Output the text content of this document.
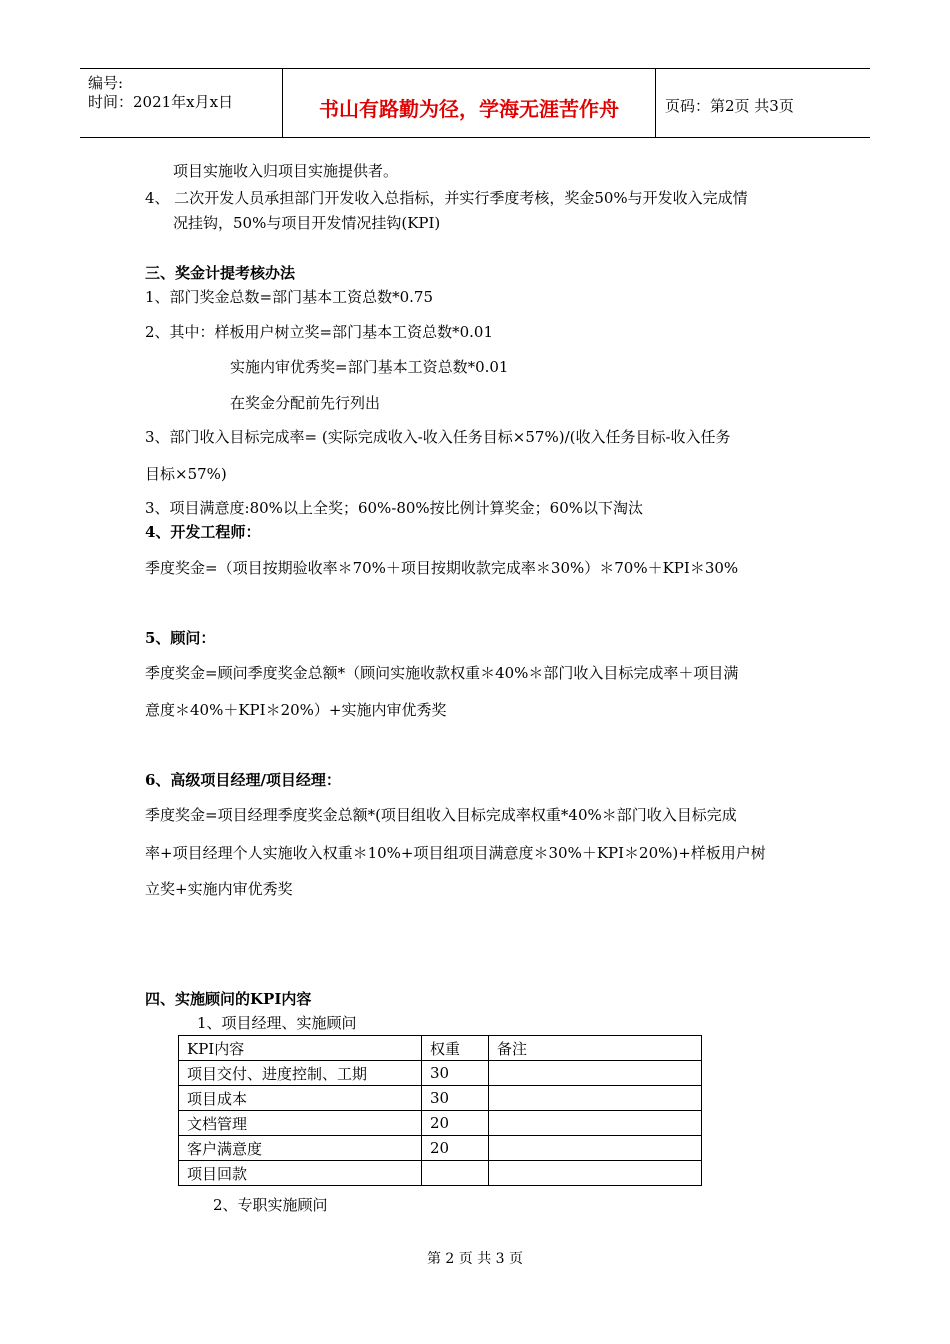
编号:
时间：2021年x月x日	书山有路勤为径，学海无涯苦作舟	页码：第2页 共3页
项目实施收入归项目实施提供者。
4、 二次开发人员承担部门开发收入总指标，并实行季度考核，奖金50%与开发收入完成情
况挂钩，50%与项目开发情况挂钩(KPI)
三、奖金计提考核办法
1、部门奖金总数=部门基本工资总数*0.75
2、其中：样板用户树立奖=部门基本工资总数*0.01
实施内审优秀奖=部门基本工资总数*0.01
在奖金分配前先行列出
3、部门收入目标完成率= (实际完成收入-收入任务目标×57%)/(收入任务目标-收入任务
目标×57%)
3、项目满意度:80%以上全奖；60%-80%按比例计算奖金；60%以下淘汰
4、开发工程师：
季度奖金=（项目按期验收率＊70%＋项目按期收款完成率＊30%）＊70%＋KPI＊30%
5、顾问：
季度奖金=顾问季度奖金总额*（顾问实施收款权重＊40%＊部门收入目标完成率＋项目满
意度＊40%＋KPI＊20%）+实施内审优秀奖
6、高级项目经理/项目经理：
季度奖金=项目经理季度奖金总额*(项目组收入目标完成率权重*40%＊部门收入目标完成
率+项目经理个人实施收入权重＊10%+项目组项目满意度＊30%＋KPI＊20%)+样板用户树
立奖+实施内审优秀奖
四、实施顾问的KPI内容
1、项目经理、实施顾问
KPI内容	权重	备注
项目交付、进度控制、工期	30	
项目成本	30	
文档管理	20	
客户满意度	20	
项目回款		
2、专职实施顾问
第 2 页 共 3 页
